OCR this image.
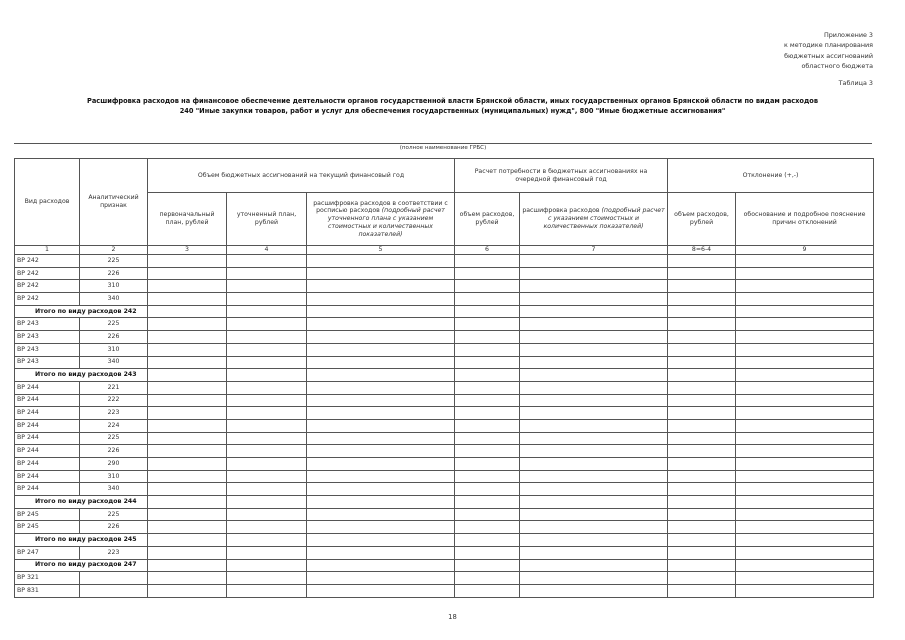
Приложение 3
к методике планирования
бюджетных ассигнований
областного бюджета
Таблица 3
Расшифровка расходов на финансовое обеспечение деятельности органов государственной власти Брянской области, иных государственных органов Брянской области по видам расходов
240 "Иные закупки товаров, работ и услуг для обеспечения государственных (муниципальных) нужд", 800 "Иные бюджетные ассигнования"
(полное наименование ГРБС)
Вид расходов	Аналитический признак	Объем бюджетных ассигнований на текущий финансовый год			Расчет потребности в бюджетных ассигнованиях на очередной финансовый год		Отклонение (+,-)	
		первоначальный план, рублей	уточненный план, рублей	расшифровка расходов в соответствии с росписью расходов (подробный расчет уточненного плана с указанием стоимостных и количественных показателей)	объем расходов, рублей	расшифровка расходов (подробный расчет с указанием стоимостных и количественных показателей)	объем расходов, рублей	обоснование и подробное пояснение причин отклонений
1	2	3	4	5	6	7	8=6-4	9
ВР 242	225							
ВР 242	226							
ВР 242	310							
ВР 242	340							
Итого по виду расходов 242								
ВР 243	225							
ВР 243	226							
ВР 243	310							
ВР 243	340							
Итого по виду расходов 243								
ВР 244	221							
ВР 244	222							
ВР 244	223							
ВР 244	224							
ВР 244	225							
ВР 244	226							
ВР 244	290							
ВР 244	310							
ВР 244	340							
Итого по виду расходов 244								
ВР 245	225							
ВР 245	226							
Итого по виду расходов 245								
ВР 247	223							
Итого по виду расходов 247								
ВР 321								
ВР 831								
18
